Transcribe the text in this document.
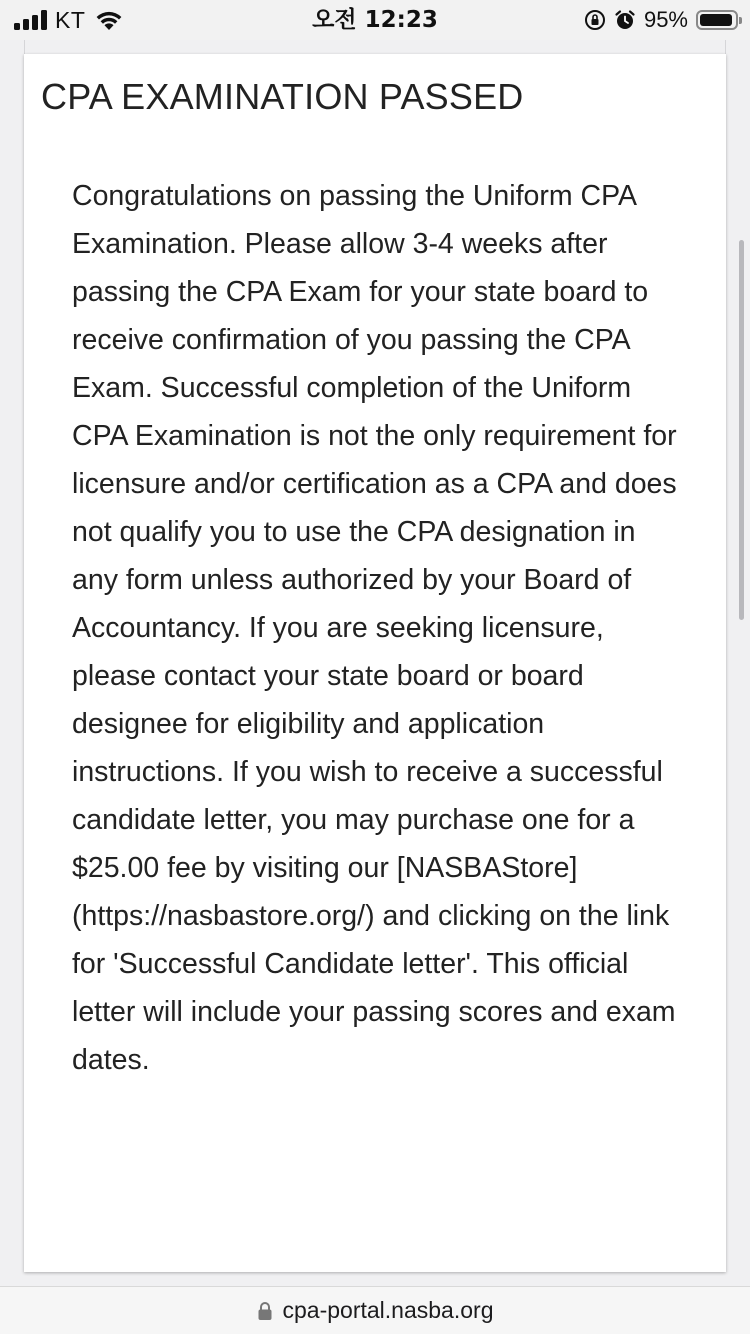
KT	오전 12:23	95%
CPA EXAMINATION PASSED

Congratulations on passing the Uniform CPA Examination. Please allow 3-4 weeks after passing the CPA Exam for your state board to receive confirmation of you passing the CPA Exam. Successful completion of the Uniform CPA Examination is not the only requirement for licensure and/or certification as a CPA and does not qualify you to use the CPA designation in any form unless authorized by your Board of Accountancy. If you are seeking licensure, please contact your state board or board designee for eligibility and application instructions. If you wish to receive a successful candidate letter, you may purchase one for a $25.00 fee by visiting our [NASBAStore](https://nasbastore.org/) and clicking on the link for 'Successful Candidate letter'. This official letter will include your passing scores and exam dates.

cpa-portal.nasba.org
